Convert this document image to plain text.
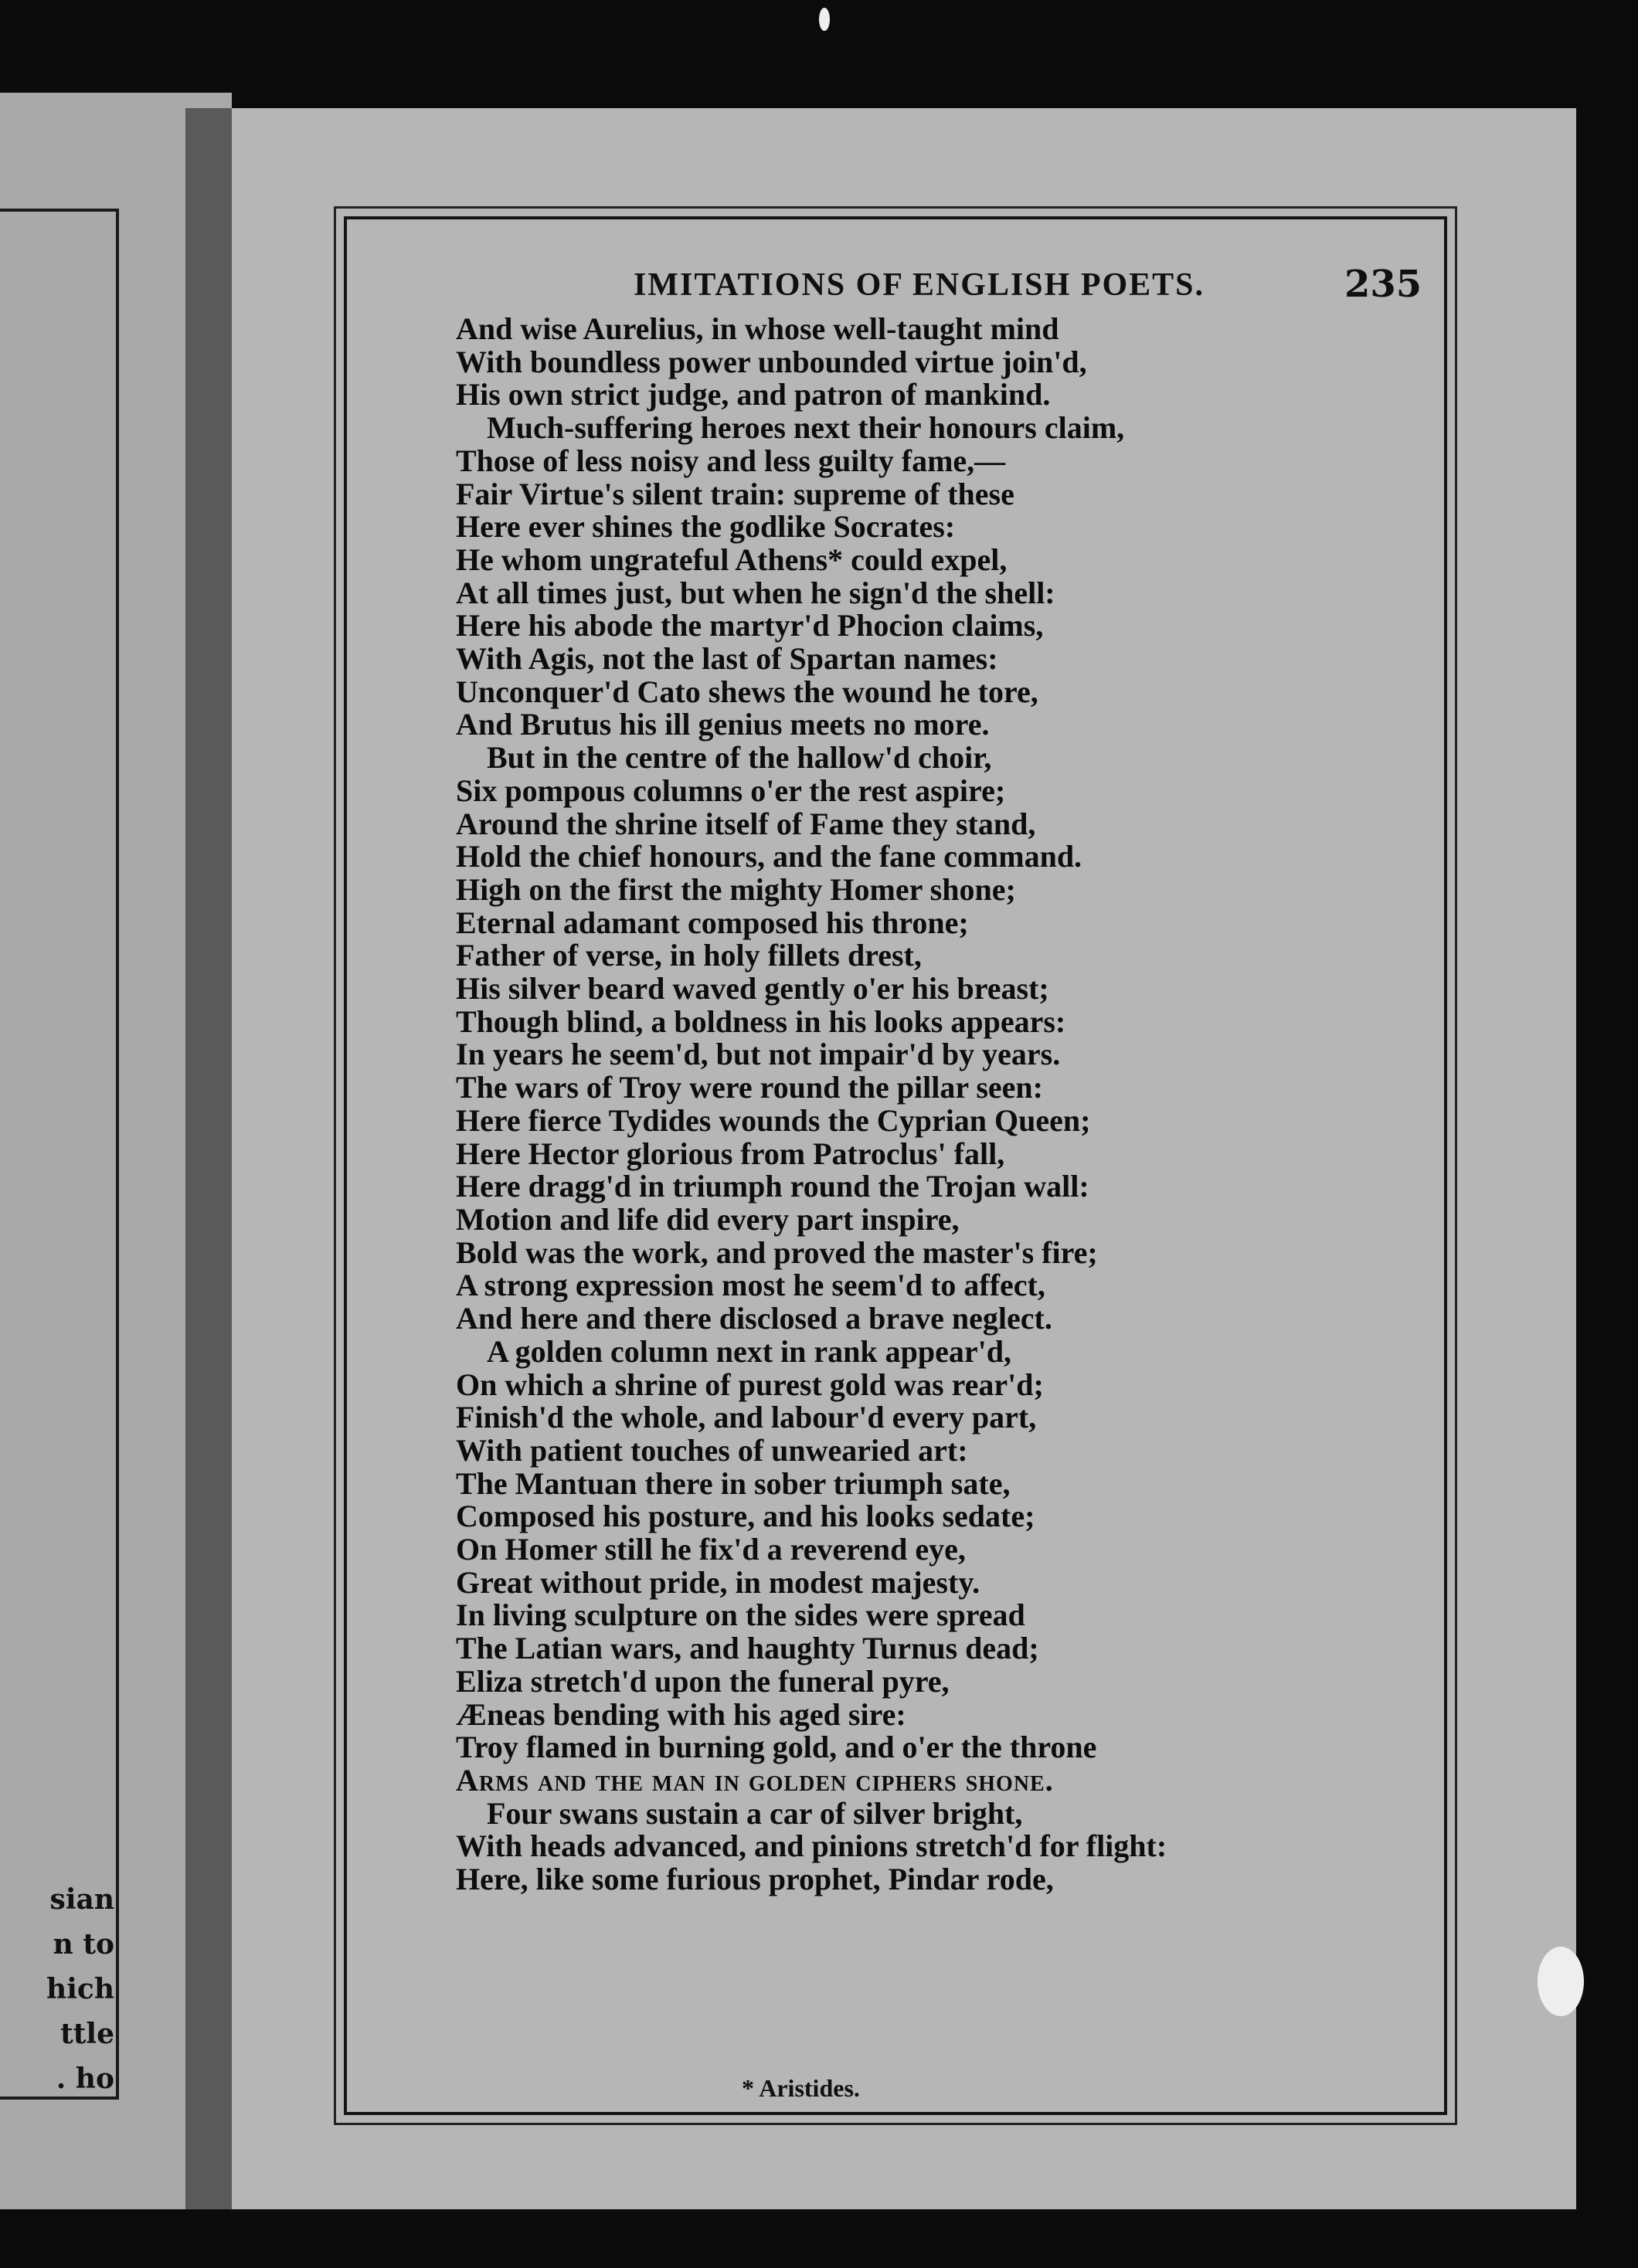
sian
n to
hich
ttle
. ho
IMITATIONS OF ENGLISH POETS.	235
And wise Aurelius, in whose well-taught mind
With boundless power unbounded virtue join'd,
His own strict judge, and patron of mankind.
Much-suffering heroes next their honours claim,
Those of less noisy and less guilty fame,—
Fair Virtue's silent train: supreme of these
Here ever shines the godlike Socrates:
He whom ungrateful Athens* could expel,
At all times just, but when he sign'd the shell:
Here his abode the martyr'd Phocion claims,
With Agis, not the last of Spartan names:
Unconquer'd Cato shews the wound he tore,
And Brutus his ill genius meets no more.
But in the centre of the hallow'd choir,
Six pompous columns o'er the rest aspire;
Around the shrine itself of Fame they stand,
Hold the chief honours, and the fane command.
High on the first the mighty Homer shone;
Eternal adamant composed his throne;
Father of verse, in holy fillets drest,
His silver beard waved gently o'er his breast;
Though blind, a boldness in his looks appears:
In years he seem'd, but not impair'd by years.
The wars of Troy were round the pillar seen:
Here fierce Tydides wounds the Cyprian Queen;
Here Hector glorious from Patroclus' fall,
Here dragg'd in triumph round the Trojan wall:
Motion and life did every part inspire,
Bold was the work, and proved the master's fire;
A strong expression most he seem'd to affect,
And here and there disclosed a brave neglect.
A golden column next in rank appear'd,
On which a shrine of purest gold was rear'd;
Finish'd the whole, and labour'd every part,
With patient touches of unwearied art:
The Mantuan there in sober triumph sate,
Composed his posture, and his looks sedate;
On Homer still he fix'd a reverend eye,
Great without pride, in modest majesty.
In living sculpture on the sides were spread
The Latian wars, and haughty Turnus dead;
Eliza stretch'd upon the funeral pyre,
Æneas bending with his aged sire:
Troy flamed in burning gold, and o'er the throne
Arms and the man in golden ciphers shone.
Four swans sustain a car of silver bright,
With heads advanced, and pinions stretch'd for flight:
Here, like some furious prophet, Pindar rode,
* Aristides.
